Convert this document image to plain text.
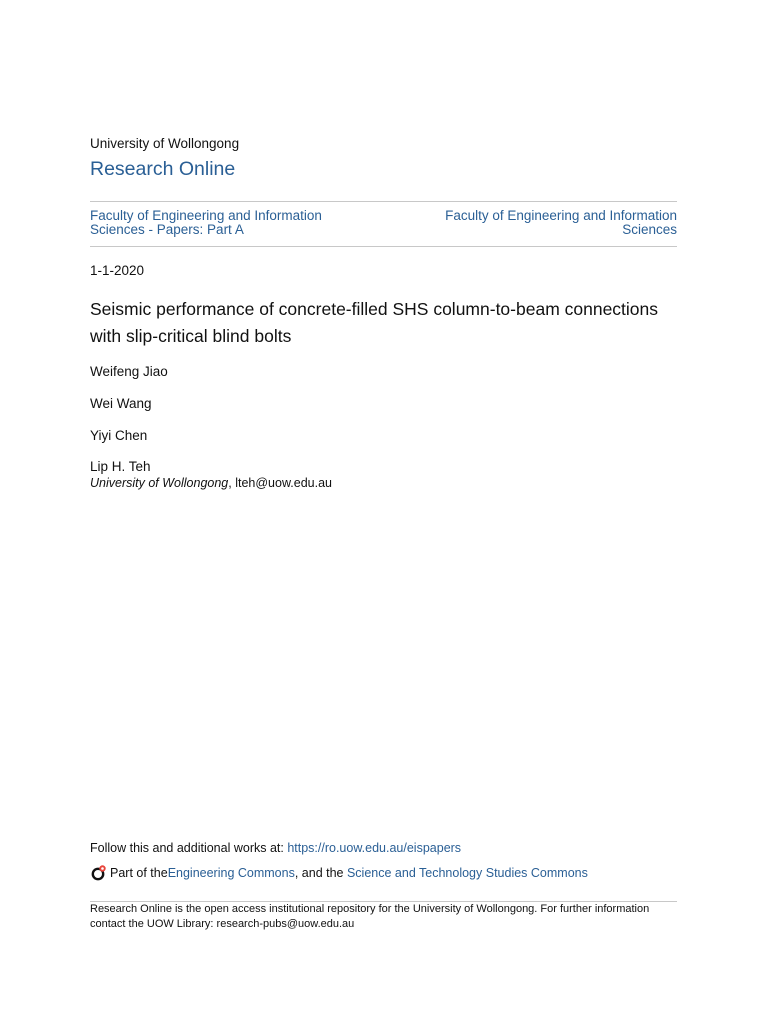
University of Wollongong
Research Online
Faculty of Engineering and Information Sciences - Papers: Part A
Faculty of Engineering and Information Sciences
1-1-2020
Seismic performance of concrete-filled SHS column-to-beam connections with slip-critical blind bolts
Weifeng Jiao
Wei Wang
Yiyi Chen
Lip H. Teh
University of Wollongong, lteh@uow.edu.au
Follow this and additional works at: https://ro.uow.edu.au/eispapers
Part of the Engineering Commons , and the Science and Technology Studies Commons
Research Online is the open access institutional repository for the University of Wollongong. For further information contact the UOW Library: research-pubs@uow.edu.au
